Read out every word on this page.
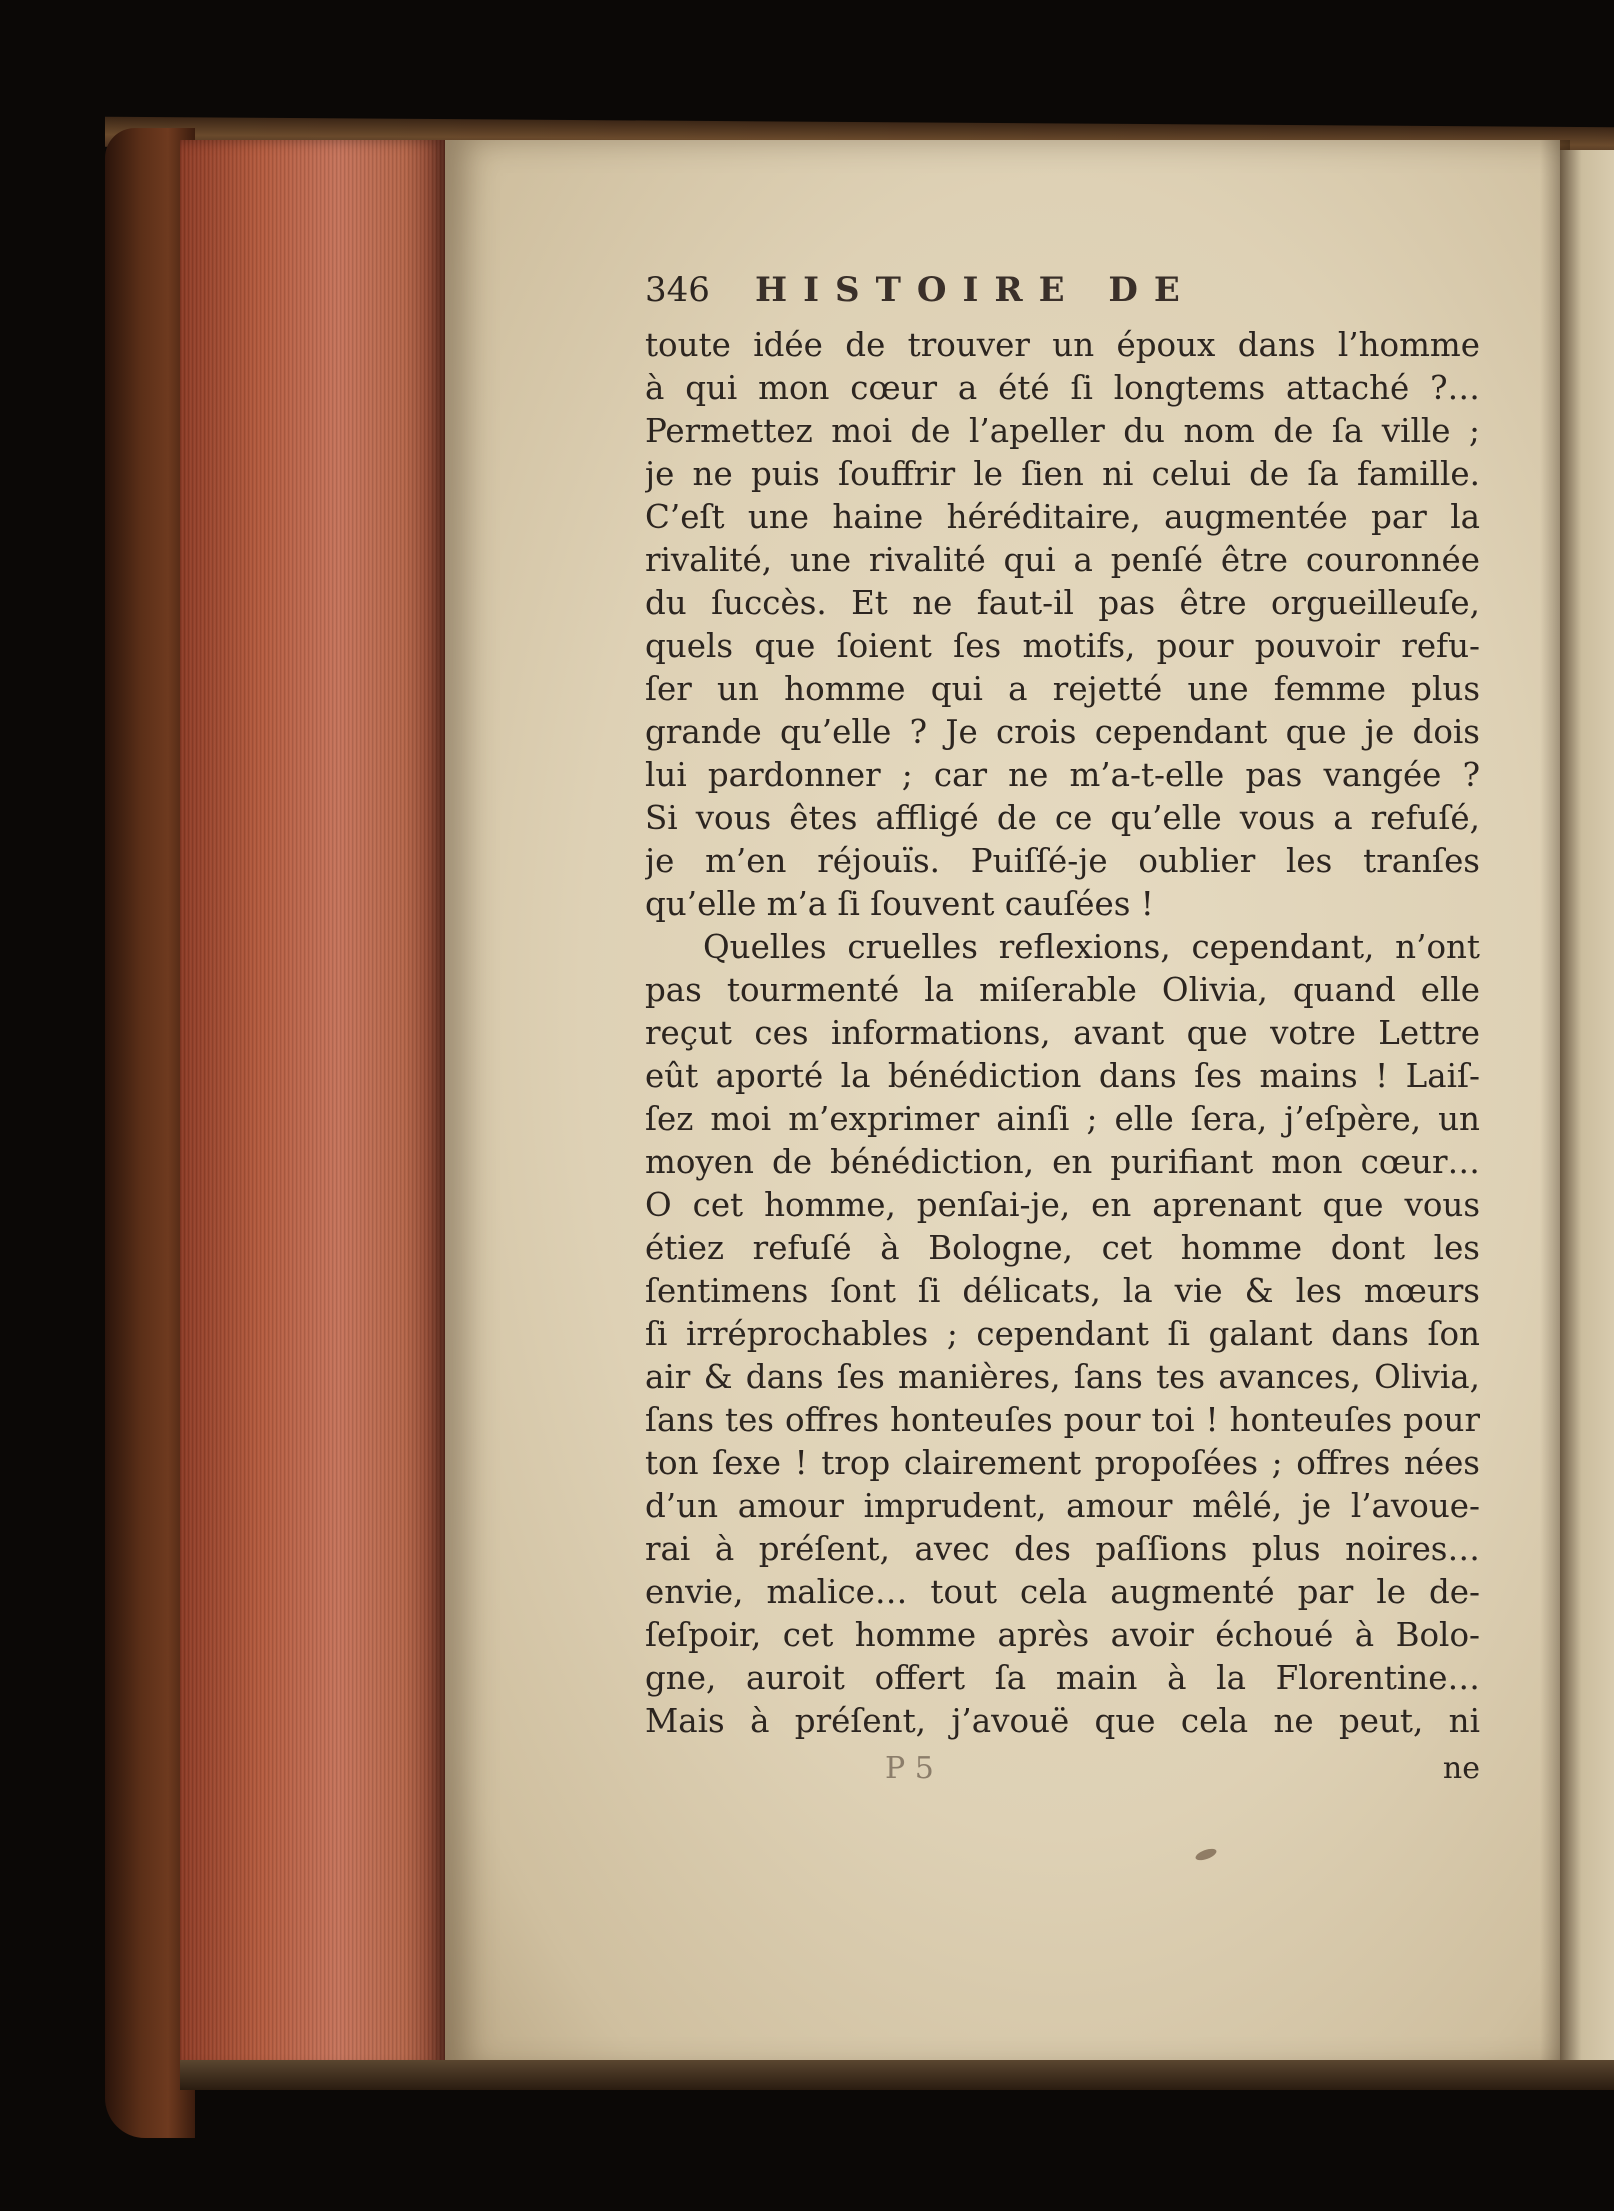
346	HISTOIRE DE
toute idée de trouver un époux dans l’homme
à qui mon cœur a été ſi longtems attaché ?…
Permettez moi de l’apeller du nom de ſa ville ;
je ne puis ſouffrir le ſien ni celui de ſa famille.
C’eſt une haine héréditaire, augmentée par la
rivalité, une rivalité qui a penſé être couronnée
du ſuccès. Et ne faut-il pas être orgueilleuſe,
quels que ſoient ſes motifs, pour pouvoir refu-
ſer un homme qui a rejetté une femme plus
grande qu’elle ? Je crois cependant que je dois
lui pardonner ; car ne m’a-t-elle pas vangée ?
Si vous êtes affligé de ce qu’elle vous a refuſé,
je m’en réjouïs. Puiſſé-je oublier les tranſes
qu’elle m’a ſi ſouvent cauſées !
Quelles cruelles reflexions, cependant, n’ont
pas tourmenté la miſerable Olivia, quand elle
reçut ces informations, avant que votre Lettre
eût aporté la bénédiction dans ſes mains ! Laiſ-
ſez moi m’exprimer ainſi ; elle ſera, j’eſpère, un
moyen de bénédiction, en purifiant mon cœur…
O cet homme, penſai-je, en aprenant que vous
étiez refuſé à Bologne, cet homme dont les
ſentimens ſont ſi délicats, la vie & les mœurs
ſi irréprochables ; cependant ſi galant dans ſon
air & dans ſes manières, ſans tes avances, Olivia,
ſans tes offres honteuſes pour toi ! honteuſes pour
ton ſexe ! trop clairement propoſées ; offres nées
d’un amour imprudent, amour mêlé, je l’avoue-
rai à préſent, avec des paſſions plus noires…
envie, malice… tout cela augmenté par le de-
ſeſpoir, cet homme après avoir échoué à Bolo-
gne, auroit offert ſa main à la Florentine…
Mais à préſent, j’avouë que cela ne peut, ni
P 5	ne
